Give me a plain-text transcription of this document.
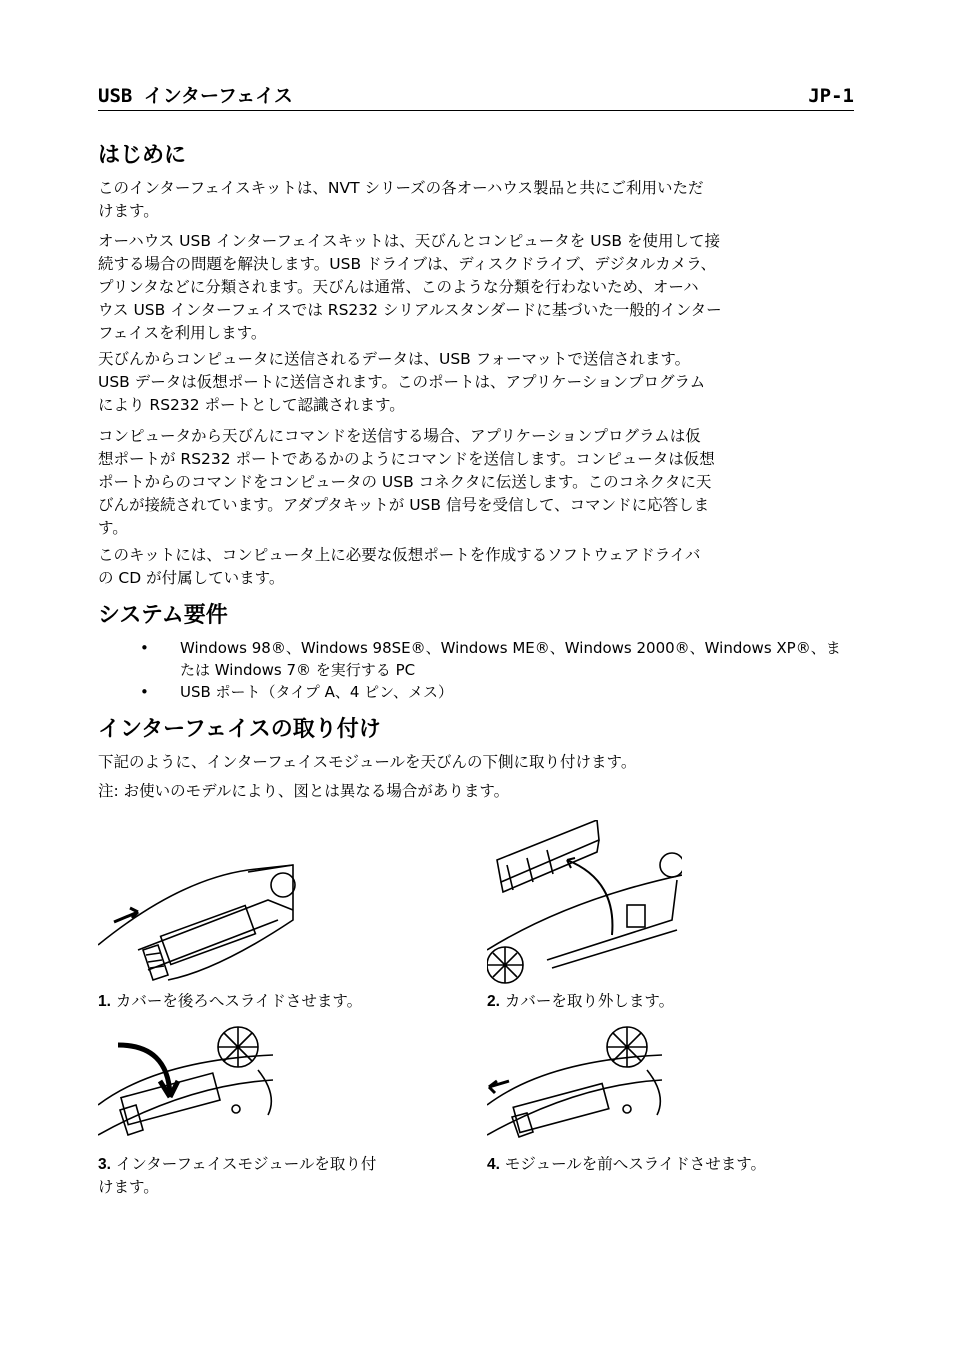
USB インターフェイス	JP-1
はじめに
このインターフェイスキットは、NVT シリーズの各オーハウス製品と共にご利用いただ
けます。
オーハウス USB インターフェイスキットは、天びんとコンピュータを USB を使用して接
続する場合の問題を解決します。USB ドライブは、ディスクドライブ、デジタルカメラ、
プリンタなどに分類されます。天びんは通常、このような分類を行わないため、オーハ
ウス USB インターフェイスでは RS232 シリアルスタンダードに基づいた一般的インター
フェイスを利用します。
天びんからコンピュータに送信されるデータは、USB フォーマットで送信されます。
USB データは仮想ポートに送信されます。このポートは、アプリケーションプログラム
により RS232 ポートとして認識されます。
コンピュータから天びんにコマンドを送信する場合、アプリケーションプログラムは仮
想ポートが RS232 ポートであるかのようにコマンドを送信します。コンピュータは仮想
ポートからのコマンドをコンピュータの USB コネクタに伝送します。このコネクタに天
びんが接続されています。アダプタキットが USB 信号を受信して、コマンドに応答しま
す。
このキットには、コンピュータ上に必要な仮想ポートを作成するソフトウェアドライバ
の CD が付属しています。
システム要件
• Windows 98®、Windows 98SE®、Windows ME®、Windows 2000®、Windows XP®、ま
たは Windows 7® を実行する PC
• USB ポート（タイプ A、4 ピン、メス）
インターフェイスの取り付け
下記のように、インターフェイスモジュールを天びんの下側に取り付けます。
注: お使いのモデルにより、図とは異なる場合があります。
1. カバーを後ろへスライドさせます。	2. カバーを取り外します。
3. インターフェイスモジュールを取り付
けます。
4. モジュールを前へスライドさせます。
